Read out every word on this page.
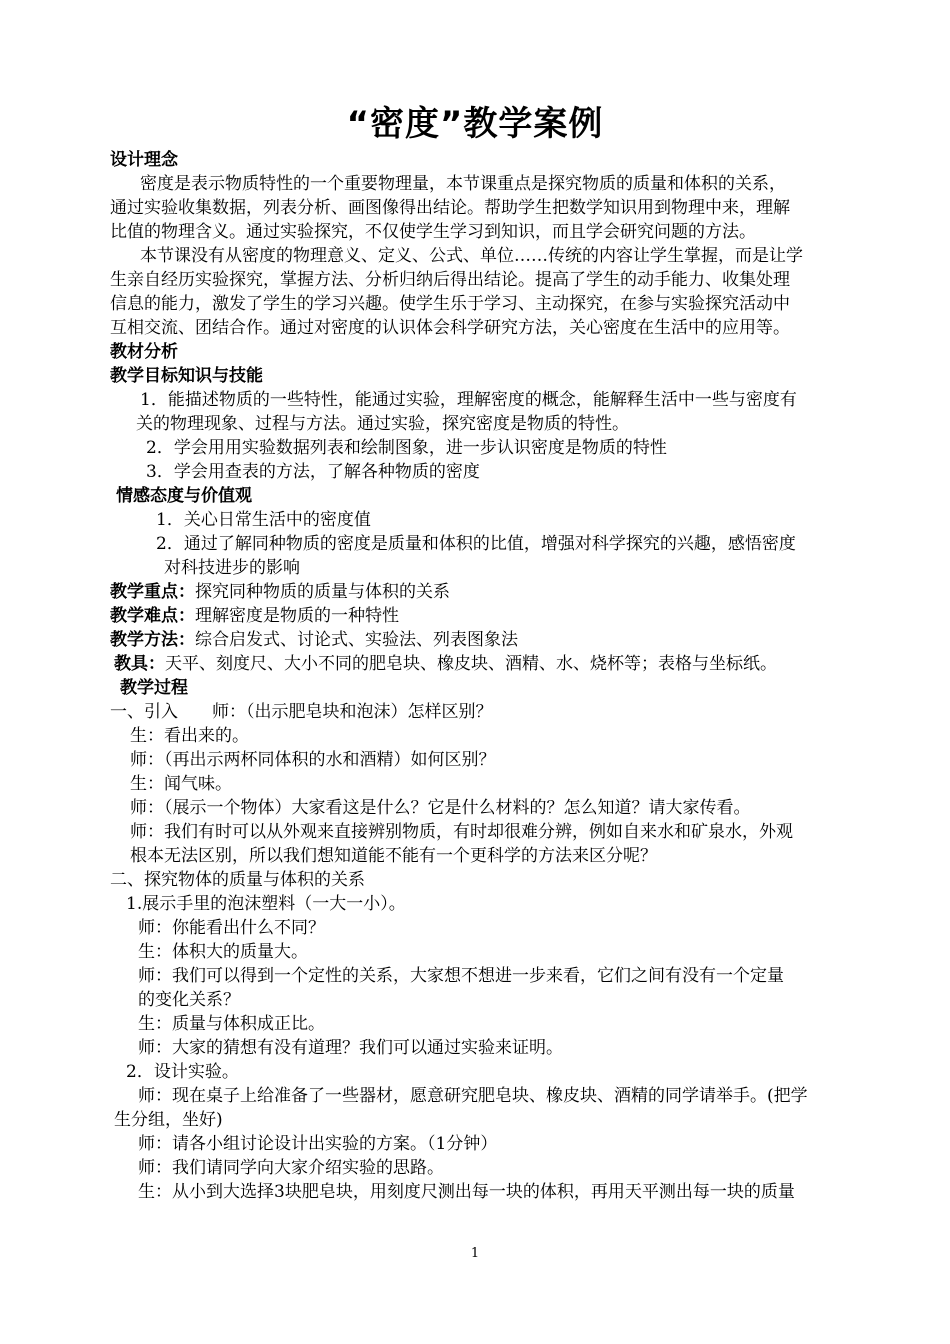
“密度”教学案例
设计理念
密度是表示物质特性的一个重要物理量，本节课重点是探究物质的质量和体积的关系，
通过实验收集数据，列表分析、画图像得出结论。帮助学生把数学知识用到物理中来，理解
比值的物理含义。通过实验探究，不仅使学生学习到知识，而且学会研究问题的方法。
本节课没有从密度的物理意义、定义、公式、单位……传统的内容让学生掌握，而是让学
生亲自经历实验探究，掌握方法、分析归纳后得出结论。提高了学生的动手能力、收集处理
信息的能力，激发了学生的学习兴趣。使学生乐于学习、主动探究，在参与实验探究活动中
互相交流、团结合作。通过对密度的认识体会科学研究方法，关心密度在生活中的应用等。
教材分析
教学目标知识与技能
1．能描述物质的一些特性，能通过实验，理解密度的概念，能解释生活中一些与密度有
关的物理现象、过程与方法。通过实验，探究密度是物质的特性。
2．学会用用实验数据列表和绘制图象，进一步认识密度是物质的特性
3．学会用查表的方法，了解各种物质的密度
情感态度与价值观
1．关心日常生活中的密度值
2．通过了解同种物质的密度是质量和体积的比值，增强对科学探究的兴趣，感悟密度
对科技进步的影响
教学重点：探究同种物质的质量与体积的关系
教学难点：理解密度是物质的一种特性
教学方法：综合启发式、讨论式、实验法、列表图象法
教具：天平、刻度尺、大小不同的肥皂块、橡皮块、酒精、水、烧杯等；表格与坐标纸。
教学过程
一、引入　　师：（出示肥皂块和泡沫）怎样区别？
生：看出来的。
师：（再出示两杯同体积的水和酒精）如何区别？
生：闻气味。
师：（展示一个物体）大家看这是什么？它是什么材料的？怎么知道？请大家传看。
师：我们有时可以从外观来直接辨别物质，有时却很难分辨，例如自来水和矿泉水，外观
根本无法区别，所以我们想知道能不能有一个更科学的方法来区分呢？
二、探究物体的质量与体积的关系
1.展示手里的泡沫塑料（一大一小）。
师：你能看出什么不同？
生：体积大的质量大。
师：我们可以得到一个定性的关系，大家想不想进一步来看，它们之间有没有一个定量
的变化关系？
生：质量与体积成正比。
师：大家的猜想有没有道理？我们可以通过实验来证明。
2．设计实验。
师：现在桌子上给准备了一些器材，愿意研究肥皂块、橡皮块、酒精的同学请举手。(把学
生分组，坐好)
师：请各小组讨论设计出实验的方案。（1分钟）
师：我们请同学向大家介绍实验的思路。
生：从小到大选择3块肥皂块，用刻度尺测出每一块的体积，再用天平测出每一块的质量
1
